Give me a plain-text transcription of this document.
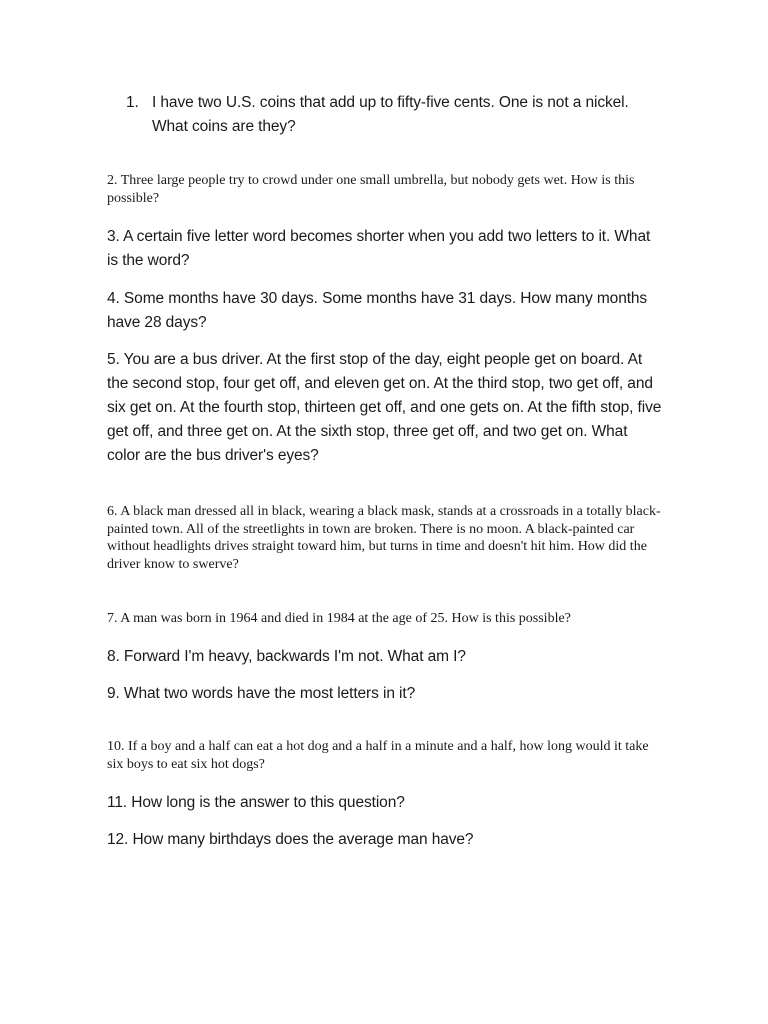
1. I have two U.S. coins that add up to fifty-five cents. One is not a nickel. What coins are they?

2. Three large people try to crowd under one small umbrella, but nobody gets wet. How is this possible?

3. A certain five letter word becomes shorter when you add two letters to it. What is the word?

4. Some months have 30 days. Some months have 31 days. How many months have 28 days?

5. You are a bus driver. At the first stop of the day, eight people get on board. At the second stop, four get off, and eleven get on. At the third stop, two get off, and six get on. At the fourth stop, thirteen get off, and one gets on. At the fifth stop, five get off, and three get on. At the sixth stop, three get off, and two get on. What color are the bus driver's eyes?

6. A black man dressed all in black, wearing a black mask, stands at a crossroads in a totally black-painted town. All of the streetlights in town are broken. There is no moon. A black-painted car without headlights drives straight toward him, but turns in time and doesn't hit him. How did the driver know to swerve?

7. A man was born in 1964 and died in 1984 at the age of 25. How is this possible?

8. Forward I'm heavy, backwards I'm not. What am I?

9. What two words have the most letters in it?

10. If a boy and a half can eat a hot dog and a half in a minute and a half, how long would it take six boys to eat six hot dogs?

11. How long is the answer to this question?

12. How many birthdays does the average man have?
